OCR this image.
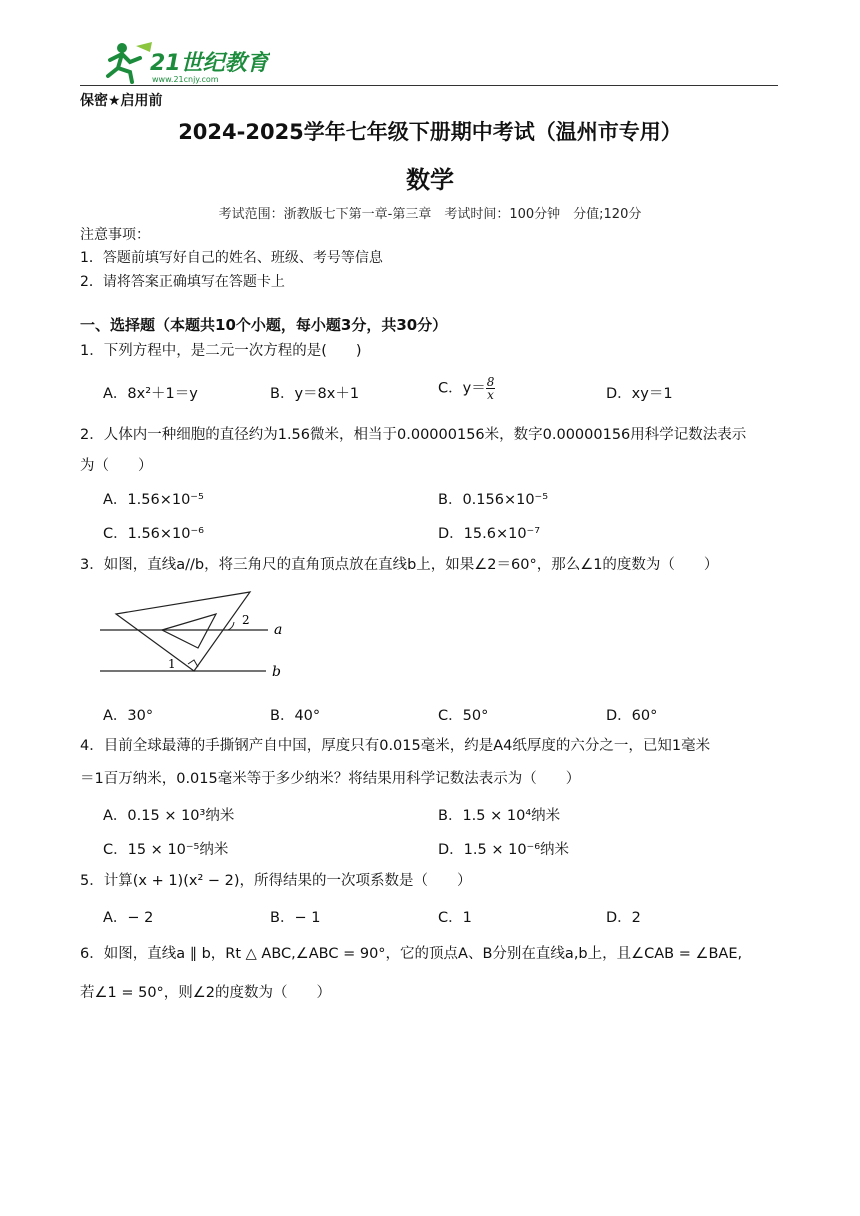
21世纪教育
www.21cnjy.com
保密★启用前
2024-2025学年七年级下册期中考试（温州市专用）
数学
考试范围：浙教版七下第一章-第三章　考试时间：100分钟　分值;120分
注意事项：
1．答题前填写好自己的姓名、班级、考号等信息
2．请将答案正确填写在答题卡上
一、选择题（本题共10个小题，每小题3分，共30分）
1．下列方程中，是二元一次方程的是(　　)
A．8x²＋1＝y	B．y＝8x＋1	C．$y= \frac{8}{x}$	D．xy＝1
2．人体内一种细胞的直径约为1.56微米，相当于0.00000156米，数字0.00000156用科学记数法表示
为（　　）
A．1.56×10⁻⁵	B．0.156×10⁻⁵
C．1.56×10⁻⁶	D．15.6×10⁻⁷
3．如图，直线a//b，将三角尺的直角顶点放在直线b上，如果∠2＝60°，那么∠1的度数为（　　）
a
b
1
2
A．30°	B．40°	C．50°	D．60°
4．目前全球最薄的手撕钢产自中国，厚度只有0.015毫米，约是A4纸厚度的六分之一，已知1毫米
＝1百万纳米，0.015毫米等于多少纳米？将结果用科学记数法表示为（　　）
A．0.15 × 10³纳米	B．1.5 × 10⁴纳米
C．15 × 10⁻⁵纳米	D．1.5 × 10⁻⁶纳米
5．计算(x + 1)(x² − 2)，所得结果的一次项系数是（　　）
A．− 2	B．− 1	C．1	D．2
6．如图，直线a ∥ b，Rt △ ABC,∠ABC = 90°，它的顶点A、B分别在直线a,b上，且∠CAB = ∠BAE,
若∠1 = 50°，则∠2的度数为（　　）
